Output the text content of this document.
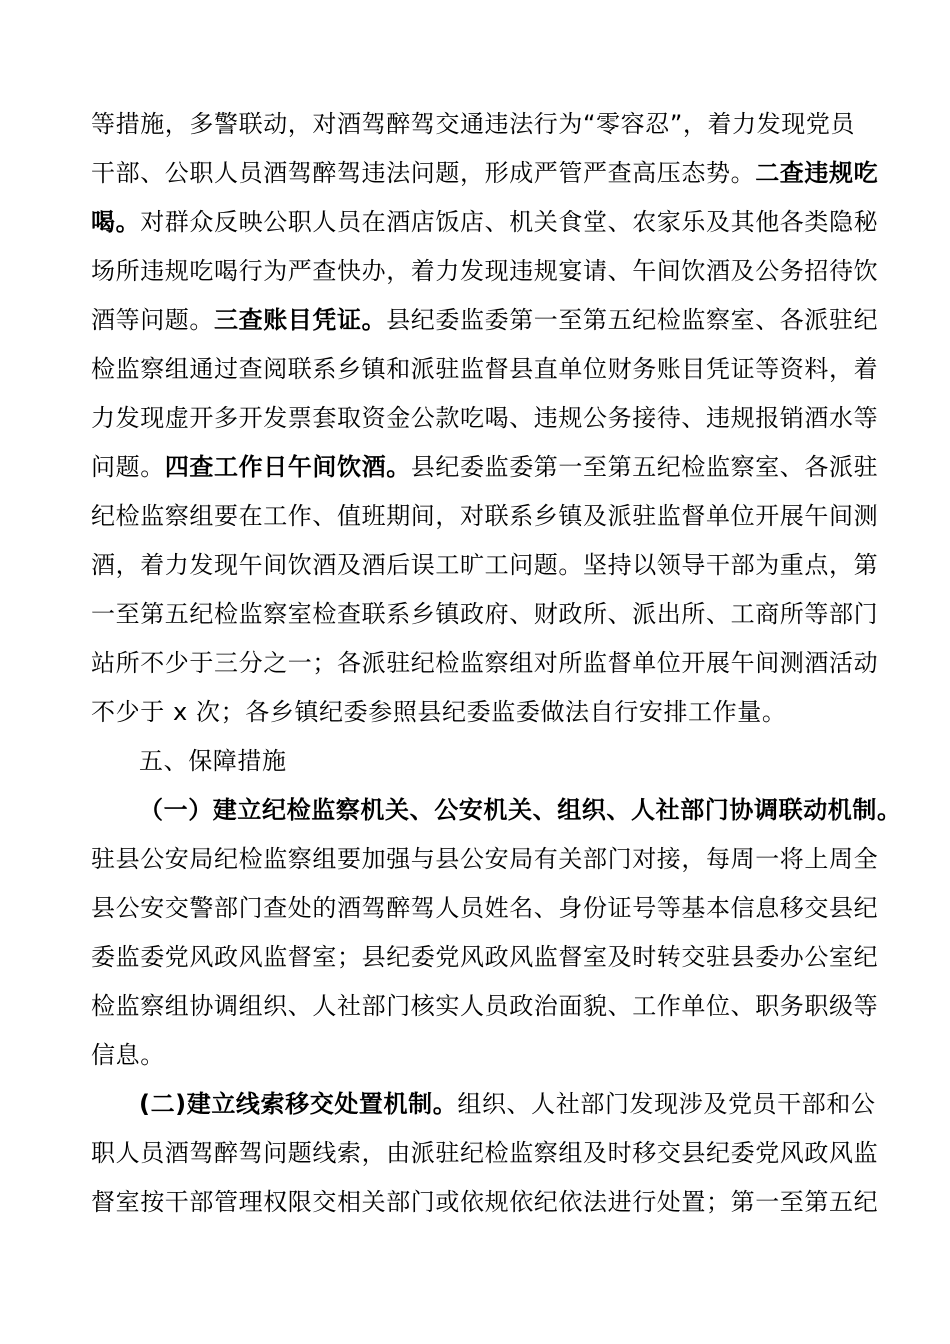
等措施，多警联动，对酒驾醉驾交通违法行为“零容忍”，着力发现党员
干部、公职人员酒驾醉驾违法问题，形成严管严查高压态势。二查违规吃
喝。对群众反映公职人员在酒店饭店、机关食堂、农家乐及其他各类隐秘
场所违规吃喝行为严查快办，着力发现违规宴请、午间饮酒及公务招待饮
酒等问题。三查账目凭证。县纪委监委第一至第五纪检监察室、各派驻纪
检监察组通过查阅联系乡镇和派驻监督县直单位财务账目凭证等资料，着
力发现虚开多开发票套取资金公款吃喝、违规公务接待、违规报销酒水等
问题。四查工作日午间饮酒。县纪委监委第一至第五纪检监察室、各派驻
纪检监察组要在工作、值班期间，对联系乡镇及派驻监督单位开展午间测
酒，着力发现午间饮酒及酒后误工旷工问题。坚持以领导干部为重点，第
一至第五纪检监察室检查联系乡镇政府、财政所、派出所、工商所等部门
站所不少于三分之一；各派驻纪检监察组对所监督单位开展午间测酒活动
不少于 x 次；各乡镇纪委参照县纪委监委做法自行安排工作量。
五、保障措施
（一）建立纪检监察机关、公安机关、组织、人社部门协调联动机制。
驻县公安局纪检监察组要加强与县公安局有关部门对接，每周一将上周全
县公安交警部门查处的酒驾醉驾人员姓名、身份证号等基本信息移交县纪
委监委党风政风监督室；县纪委党风政风监督室及时转交驻县委办公室纪
检监察组协调组织、人社部门核实人员政治面貌、工作单位、职务职级等
信息。
(二)建立线索移交处置机制。组织、人社部门发现涉及党员干部和公
职人员酒驾醉驾问题线索，由派驻纪检监察组及时移交县纪委党风政风监
督室按干部管理权限交相关部门或依规依纪依法进行处置；第一至第五纪
